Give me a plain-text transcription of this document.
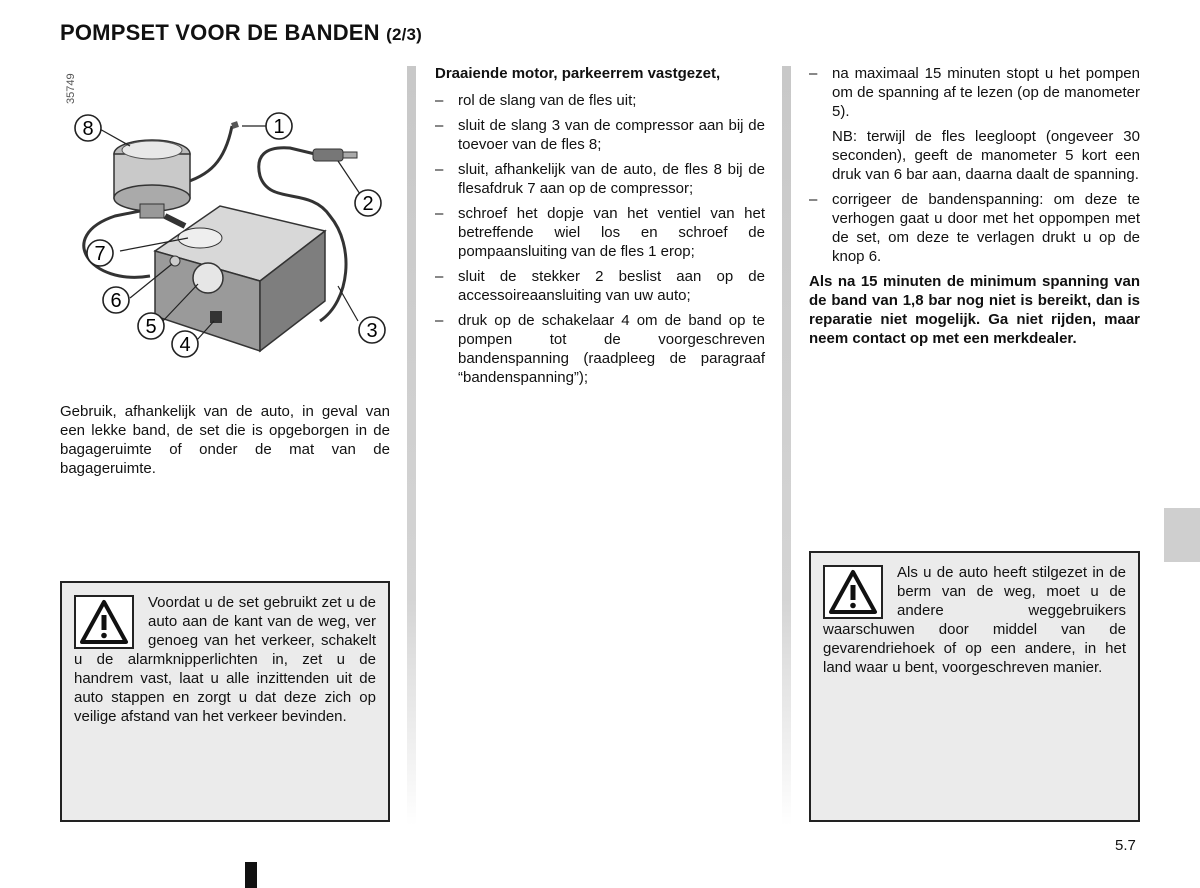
POMPSET VOOR DE BANDEN (2/3)
35749
8	1
2
7
6
5
4
3

Gebruik, afhankelijk van de auto, in geval van een lekke band, de set die is opgeborgen in de bagageruimte of onder de mat van de bagageruimte.

Voordat u de set gebruikt zet u de auto aan de kant van de weg, ver genoeg van het verkeer, schakelt u de alarmknipperlichten in, zet u de handrem vast, laat u alle inzittenden uit de auto stappen en zorgt u dat deze zich op veilige afstand van het verkeer bevinden.

Draaiende motor, parkeerrem vastgezet,

– rol de slang van de fles uit;
– sluit de slang 3 van de compressor aan bij de toevoer van de fles 8;
– sluit, afhankelijk van de auto, de fles 8 bij de flesafdruk 7 aan op de compressor;
– schroef het dopje van het ventiel van het betreffende wiel los en schroef de pompaansluiting van de fles 1 erop;
– sluit de stekker 2 beslist aan op de accessoireaansluiting van uw auto;
– druk op de schakelaar 4 om de band op te pompen tot de voorgeschreven bandenspanning (raadpleeg de paragraaf “bandenspanning”);
– na maximaal 15 minuten stopt u het pompen om de spanning af te lezen (op de manometer 5).

NB: terwijl de fles leegloopt (ongeveer 30 seconden), geeft de manometer 5 kort een druk van 6 bar aan, daarna daalt de spanning.

– corrigeer de bandenspanning: om deze te verhogen gaat u door met het oppompen met de set, om deze te verlagen drukt u op de knop 6.

Als na 15 minuten de minimum spanning van de band van 1,8 bar nog niet is bereikt, dan is reparatie niet mogelijk. Ga niet rijden, maar neem contact op met een merkdealer.

Als u de auto heeft stilgezet in de berm van de weg, moet u de andere weggebruikers waarschuwen door middel van de gevarendriehoek of op een andere, in het land waar u bent, voorgeschreven manier.
5.7
